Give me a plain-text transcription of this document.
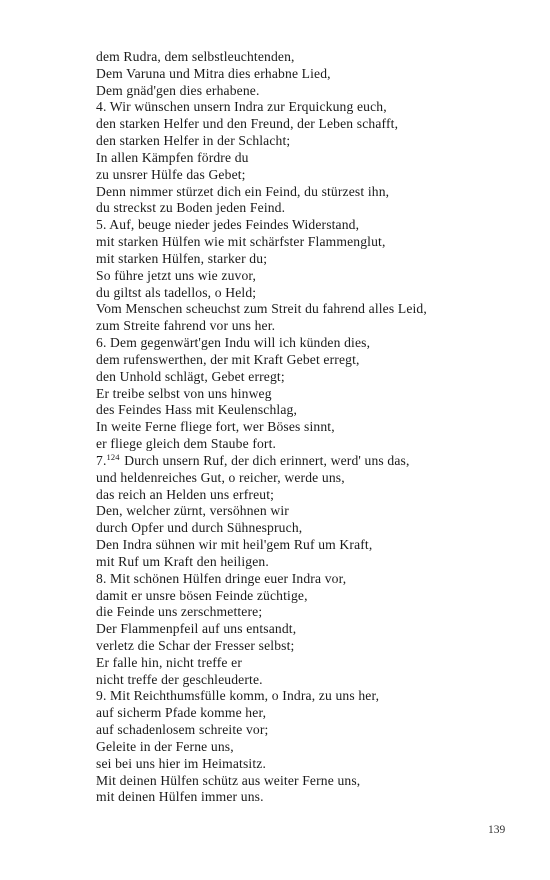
dem Rudra, dem selbstleuchtenden,
Dem Varuna und Mitra dies erhabne Lied,
Dem gnäd'gen dies erhabene.
4. Wir wünschen unsern Indra zur Erquickung euch,
den starken Helfer und den Freund, der Leben schafft,
den starken Helfer in der Schlacht;
In allen Kämpfen fördre du
zu unsrer Hülfe das Gebet;
Denn nimmer stürzet dich ein Feind, du stürzest ihn,
du streckst zu Boden jeden Feind.
5. Auf, beuge nieder jedes Feindes Widerstand,
mit starken Hülfen wie mit schärfster Flammenglut,
mit starken Hülfen, starker du;
So führe jetzt uns wie zuvor,
du giltst als tadellos, o Held;
Vom Menschen scheuchst zum Streit du fahrend alles Leid,
zum Streite fahrend vor uns her.
6. Dem gegenwärt'gen Indu will ich künden dies,
dem rufenswerthen, der mit Kraft Gebet erregt,
den Unhold schlägt, Gebet erregt;
Er treibe selbst von uns hinweg
des Feindes Hass mit Keulenschlag,
In weite Ferne fliege fort, wer Böses sinnt,
er fliege gleich dem Staube fort.
7.$^{124}$ Durch unsern Ruf, der dich erinnert, werd' uns das,
und heldenreiches Gut, o reicher, werde uns,
das reich an Helden uns erfreut;
Den, welcher zürnt, versöhnen wir
durch Opfer und durch Sühnespruch,
Den Indra sühnen wir mit heil'gem Ruf um Kraft,
mit Ruf um Kraft den heiligen.
8. Mit schönen Hülfen dringe euer Indra vor,
damit er unsre bösen Feinde züchtige,
die Feinde uns zerschmettere;
Der Flammenpfeil auf uns entsandt,
verletz die Schar der Fresser selbst;
Er falle hin, nicht treffe er
nicht treffe der geschleuderte.
9. Mit Reichthumsfülle komm, o Indra, zu uns her,
auf sicherm Pfade komme her,
auf schadenlosem schreite vor;
Geleite in der Ferne uns,
sei bei uns hier im Heimatsitz.
Mit deinen Hülfen schütz aus weiter Ferne uns,
mit deinen Hülfen immer uns.
139
